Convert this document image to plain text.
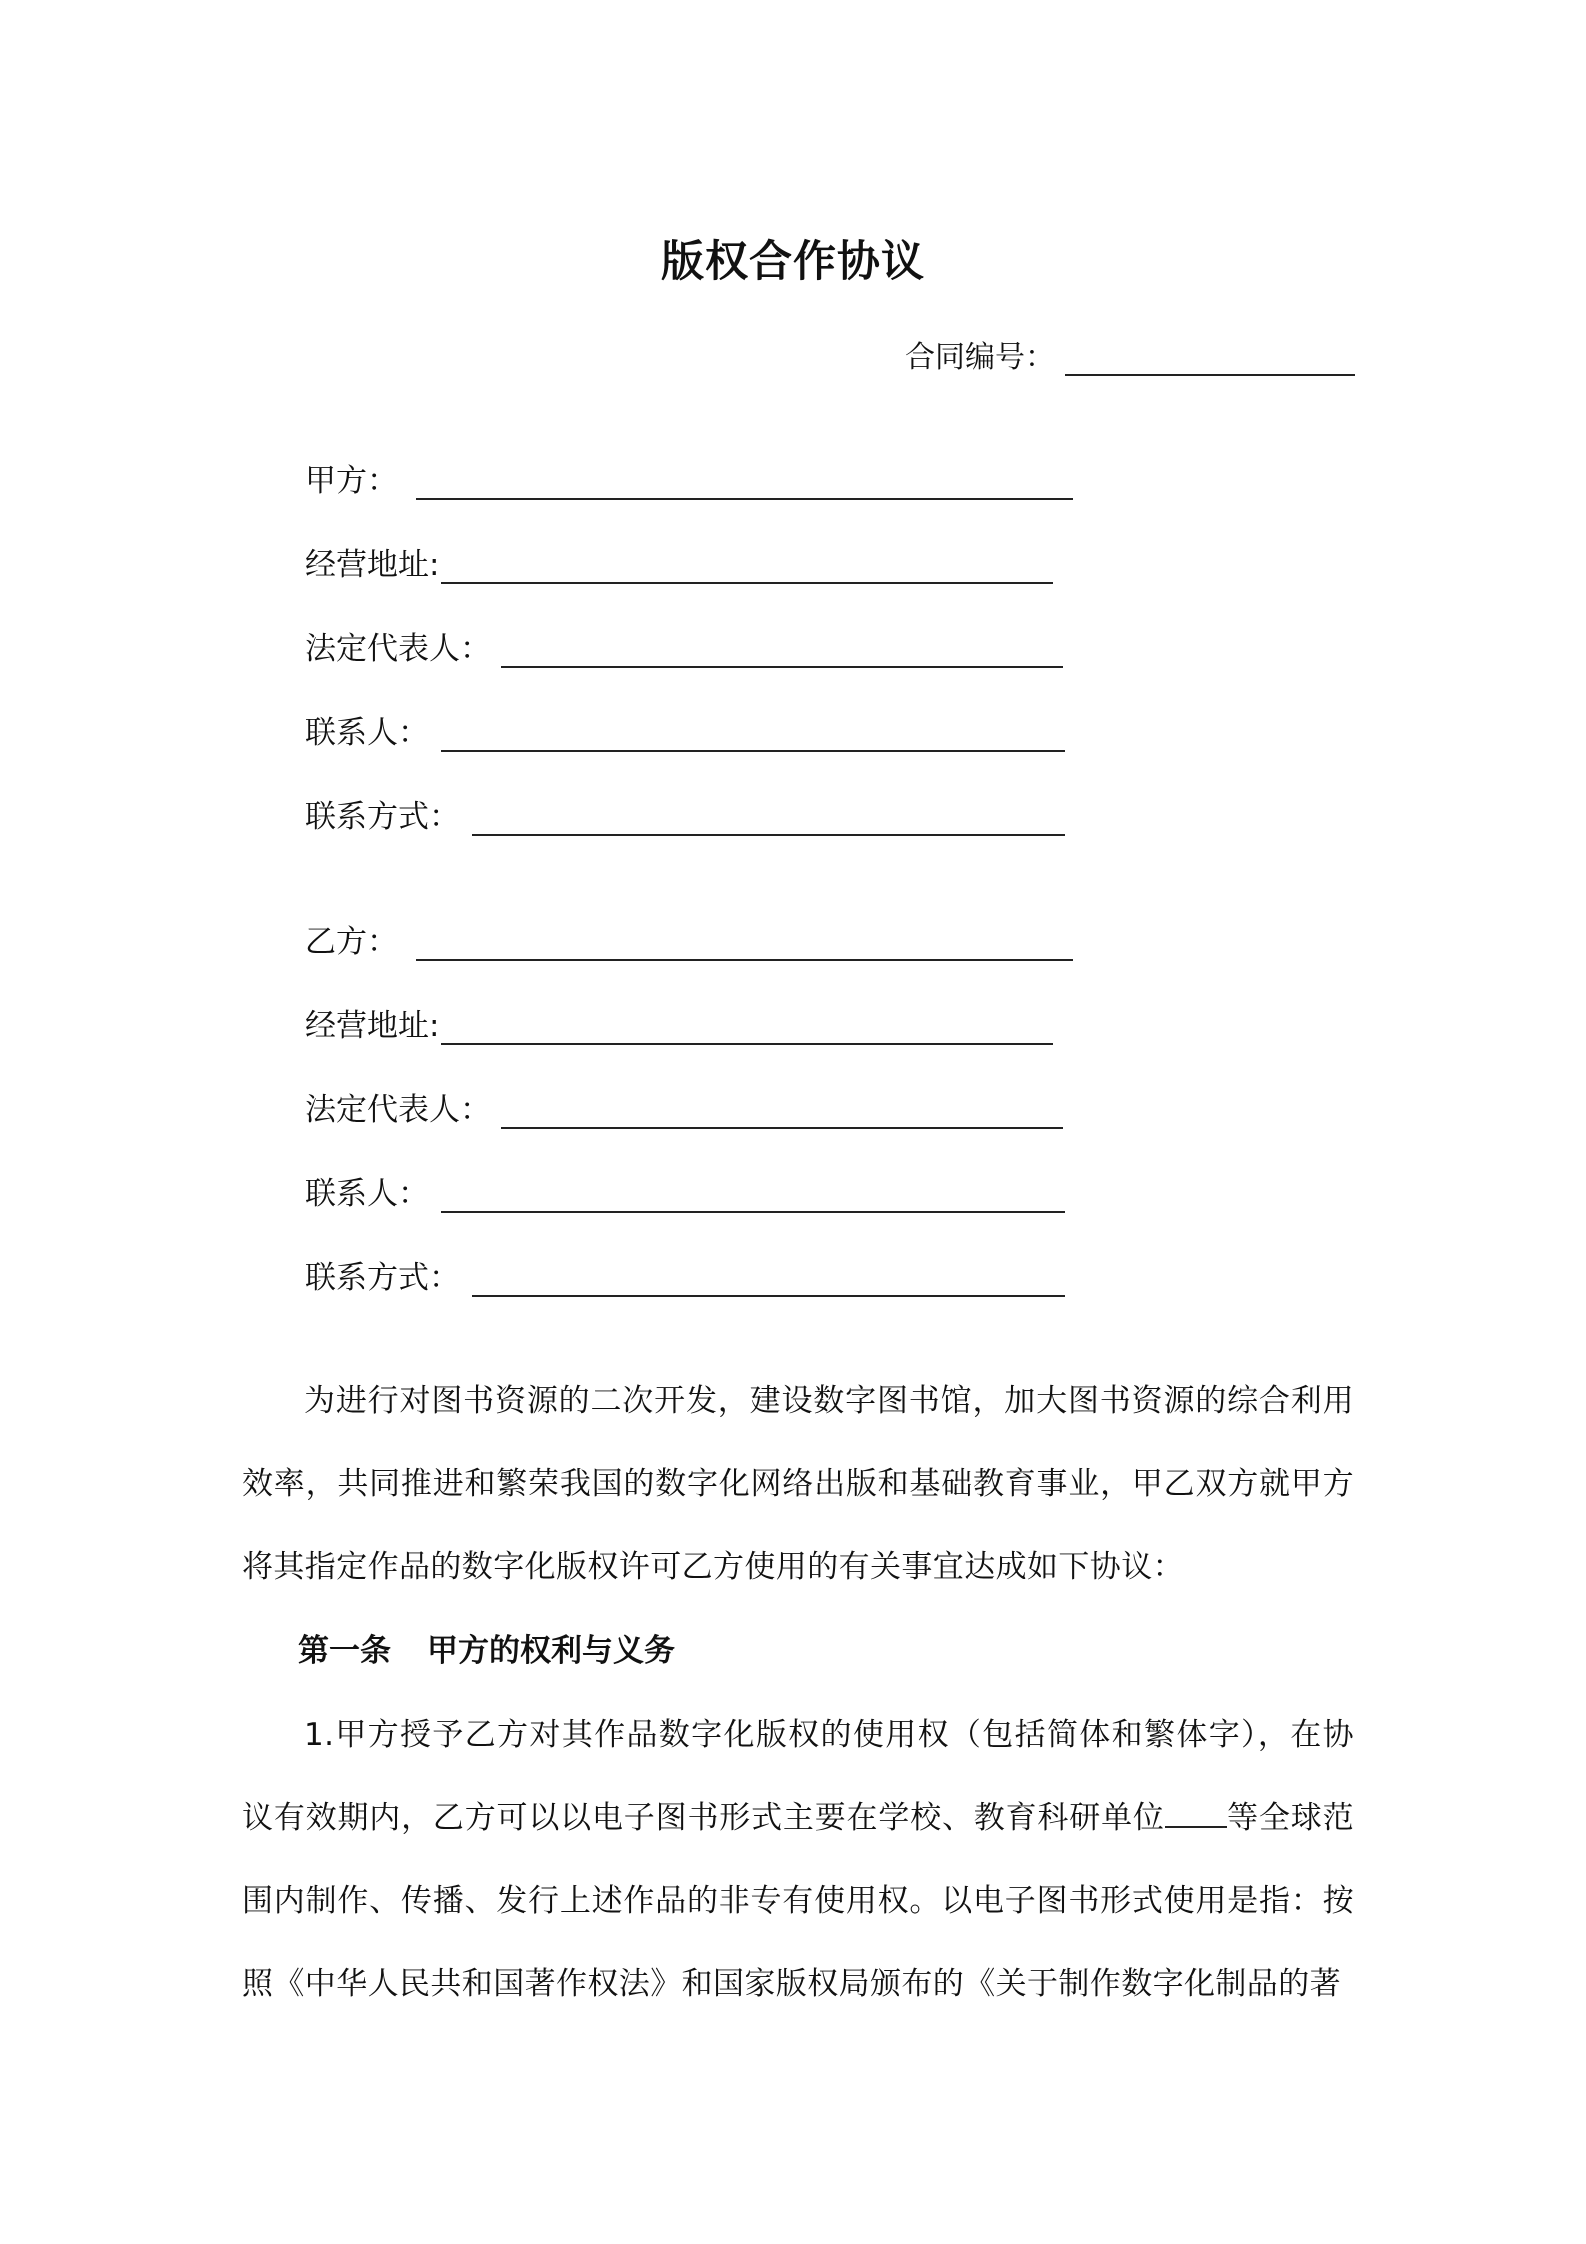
版权合作协议
合同编号：
甲方：
经营地址:
法定代表人：
联系人：
联系方式：
乙方：
经营地址:
法定代表人：
联系人：
联系方式：
为进行对图书资源的二次开发，建设数字图书馆，加大图书资源的综合利用效率，共同推进和繁荣我国的数字化网络出版和基础教育事业，甲乙双方就甲方将其指定作品的数字化版权许可乙方使用的有关事宜达成如下协议：
第一条 甲方的权利与义务
1.甲方授予乙方对其作品数字化版权的使用权（包括简体和繁体字），在协议有效期内，乙方可以以电子图书形式主要在学校、教育科研单位 等全球范围内制作、传播、发行上述作品的非专有使用权。以电子图书形式使用是指：按照《中华人民共和国著作权法》和国家版权局颁布的《关于制作数字化制品的著
